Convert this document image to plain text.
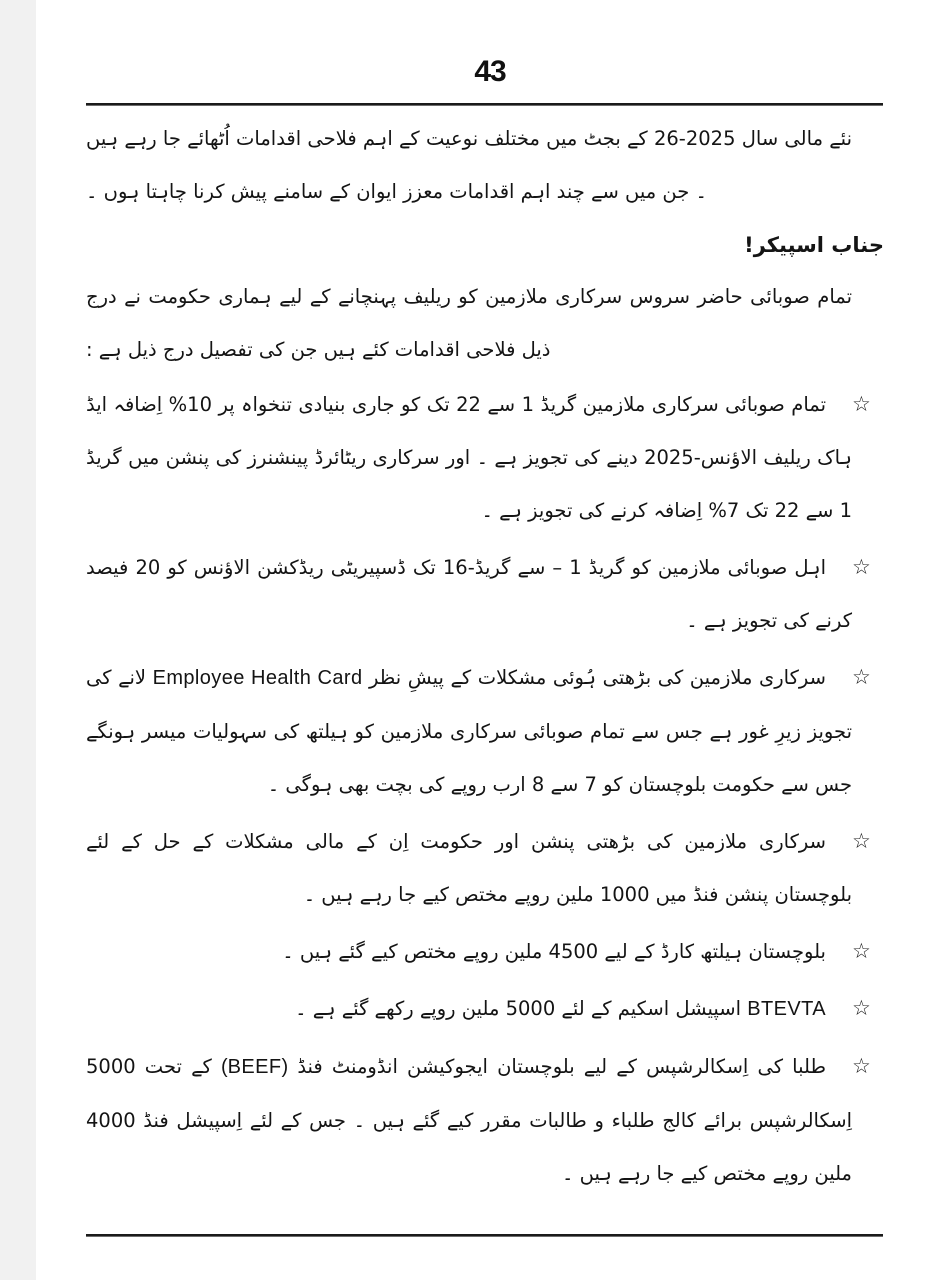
43

نئے مالی سال 2025-26 کے بجٹ میں مختلف نوعیت کے اہم فلاحی اقدامات اُٹھائے جا رہے ہیں ۔ جن میں سے چند اہم اقدامات معزز ایوان کے سامنے پیش کرنا چاہتا ہوں ۔

جناب اسپیکر!

تمام صوبائی حاضر سروس سرکاری ملازمین کو ریلیف پہنچانے کے لیے ہماری حکومت نے درج ذیل فلاحی اقدامات کئے ہیں جن کی تفصیل درج ذیل ہے :

☆
تمام صوبائی سرکاری ملازمین گریڈ 1 سے 22 تک کو جاری بنیادی تنخواہ پر 10% اِضافہ ایڈ ہاک ریلیف الاؤنس-2025 دینے کی تجویز ہے ۔ اور سرکاری ریٹائرڈ پینشنرز کی پنشن میں گریڈ 1 سے 22 تک 7% اِضافہ کرنے کی تجویز ہے ۔
☆
اہل صوبائی ملازمین کو گریڈ 1 – سے گریڈ-16 تک ڈسپیریٹی ریڈکشن الاؤنس کو 20 فیصد کرنے کی تجویز ہے ۔
☆
سرکاری ملازمین کی بڑھتی ہُوئی مشکلات کے پیشِ نظر Employee Health Card لانے کی تجویز زیرِ غور ہے جس سے تمام صوبائی سرکاری ملازمین کو ہیلتھ کی سہولیات میسر ہونگے جس سے حکومت بلوچستان کو 7 سے 8 ارب روپے کی بچت بھی ہوگی ۔
☆
سرکاری ملازمین کی بڑھتی پنشن اور حکومت اِن کے مالی مشکلات کے حل کے لئے بلوچستان پنشن فنڈ میں 1000 ملین روپے مختص کیے جا رہے ہیں ۔
☆
بلوچستان ہیلتھ کارڈ کے لیے 4500 ملین روپے مختص کیے گئے ہیں ۔
☆
BTEVTA اسپیشل اسکیم کے لئے 5000 ملین روپے رکھے گئے ہے ۔
☆
طلبا کی اِسکالرشپس کے لیے بلوچستان ایجوکیشن انڈومنٹ فنڈ (BEEF) کے تحت 5000 اِسکالرشپس برائے کالج طلباء و طالبات مقرر کیے گئے ہیں ۔ جس کے لئے اِسپیشل فنڈ 4000 ملین روپے مختص کیے جا رہے ہیں ۔
